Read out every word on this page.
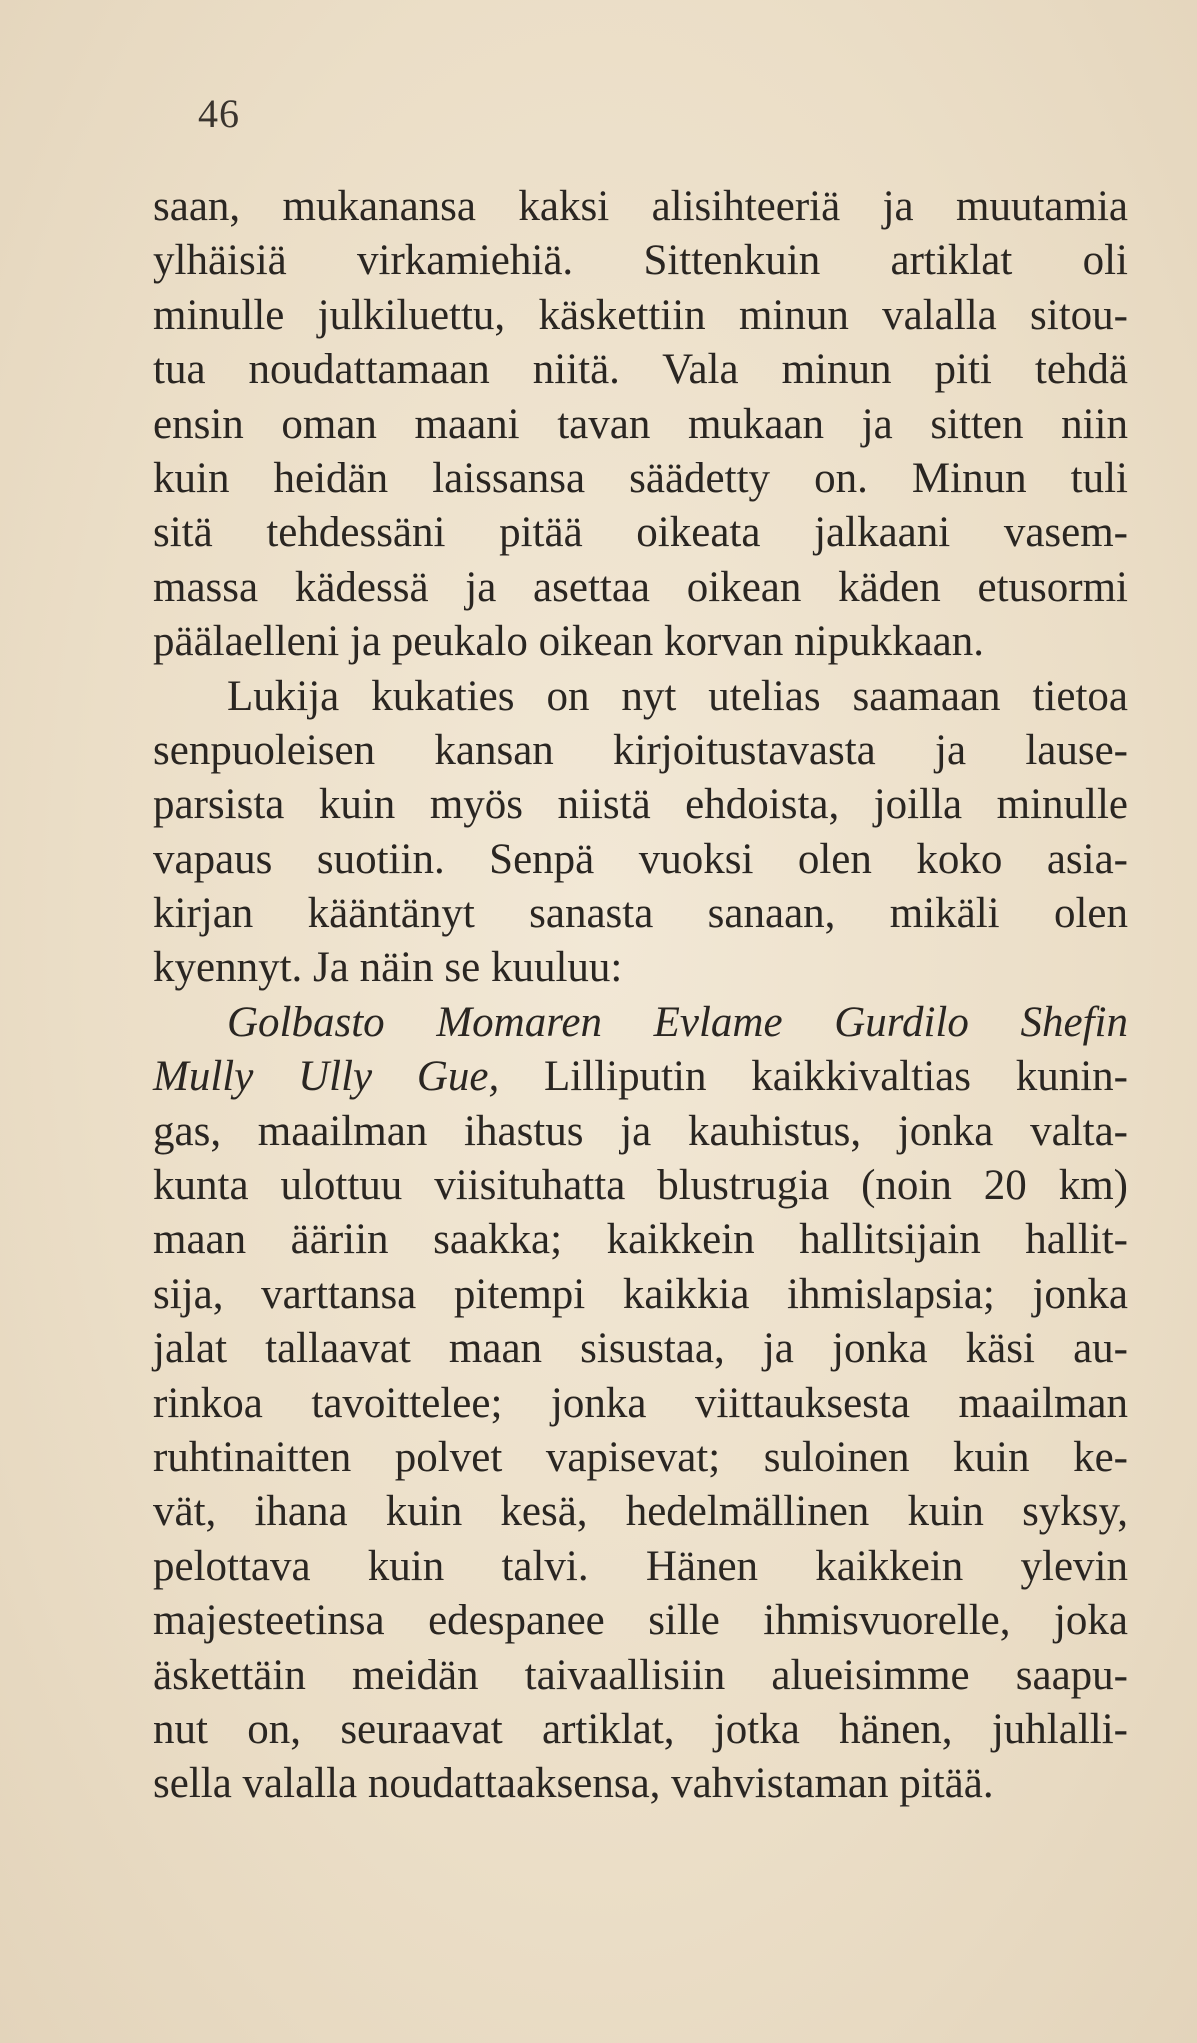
46
saan, mukanansa kaksi alisihteeriä ja muutamia
ylhäisiä virkamiehiä. Sittenkuin artiklat oli
minulle julkiluettu, käskettiin minun valalla sitou-
tua noudattamaan niitä. Vala minun piti tehdä
ensin oman maani tavan mukaan ja sitten niin
kuin heidän laissansa säädetty on. Minun tuli
sitä tehdessäni pitää oikeata jalkaani vasem-
massa kädessä ja asettaa oikean käden etusormi
päälaelleni ja peukalo oikean korvan nipukkaan.
Lukija kukaties on nyt utelias saamaan tietoa
senpuoleisen kansan kirjoitustavasta ja lause-
parsista kuin myös niistä ehdoista, joilla minulle
vapaus suotiin. Senpä vuoksi olen koko asia-
kirjan kääntänyt sanasta sanaan, mikäli olen
kyennyt. Ja näin se kuuluu:
Golbasto Momaren Evlame Gurdilo Shefin
Mully Ully Gue, Lilliputin kaikkivaltias kunin-
gas, maailman ihastus ja kauhistus, jonka valta-
kunta ulottuu viisituhatta blustrugia (noin 20 km)
maan ääriin saakka; kaikkein hallitsijain hallit-
sija, varttansa pitempi kaikkia ihmislapsia; jonka
jalat tallaavat maan sisustaa, ja jonka käsi au-
rinkoa tavoittelee; jonka viittauksesta maailman
ruhtinaitten polvet vapisevat; suloinen kuin ke-
vät, ihana kuin kesä, hedelmällinen kuin syksy,
pelottava kuin talvi. Hänen kaikkein ylevin
majesteetinsa edespanee sille ihmisvuorelle, joka
äskettäin meidän taivaallisiin alueisimme saapu-
nut on, seuraavat artiklat, jotka hänen, juhlalli-
sella valalla noudattaaksensa, vahvistaman pitää.
